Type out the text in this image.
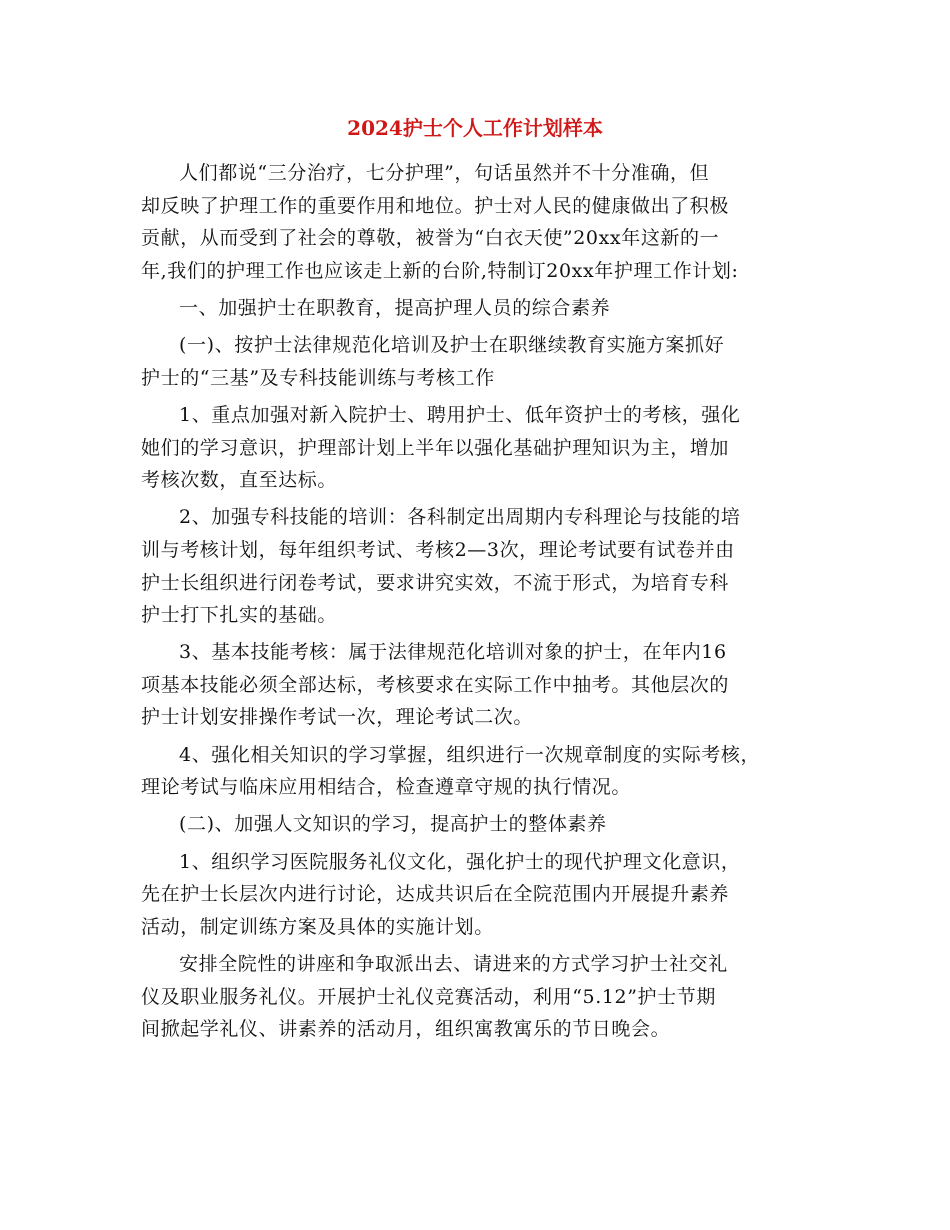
2024护士个人工作计划样本

人们都说“三分治疗，七分护理”，句话虽然并不十分准确，但
却反映了护理工作的重要作用和地位。护士对人民的健康做出了积极
贡献，从而受到了社会的尊敬，被誉为“白衣天使”20xx年这新的一
年,我们的护理工作也应该走上新的台阶,特制订20xx年护理工作计划:

一、加强护士在职教育，提高护理人员的综合素养

(一)、按护士法律规范化培训及护士在职继续教育实施方案抓好
护士的“三基”及专科技能训练与考核工作

1、重点加强对新入院护士、聘用护士、低年资护士的考核，强化
她们的学习意识，护理部计划上半年以强化基础护理知识为主，增加
考核次数，直至达标。

2、加强专科技能的培训：各科制定出周期内专科理论与技能的培
训与考核计划，每年组织考试、考核2—3次，理论考试要有试卷并由
护士长组织进行闭卷考试，要求讲究实效，不流于形式，为培育专科
护士打下扎实的基础。

3、基本技能考核：属于法律规范化培训对象的护士，在年内16
项基本技能必须全部达标，考核要求在实际工作中抽考。其他层次的
护士计划安排操作考试一次，理论考试二次。

4、强化相关知识的学习掌握，组织进行一次规章制度的实际考核，
理论考试与临床应用相结合，检查遵章守规的执行情况。

(二)、加强人文知识的学习，提高护士的整体素养

1、组织学习医院服务礼仪文化，强化护士的现代护理文化意识，
先在护士长层次内进行讨论，达成共识后在全院范围内开展提升素养
活动，制定训练方案及具体的实施计划。

安排全院性的讲座和争取派出去、请进来的方式学习护士社交礼
仪及职业服务礼仪。开展护士礼仪竞赛活动，利用“5.12”护士节期
间掀起学礼仪、讲素养的活动月，组织寓教寓乐的节日晚会。
